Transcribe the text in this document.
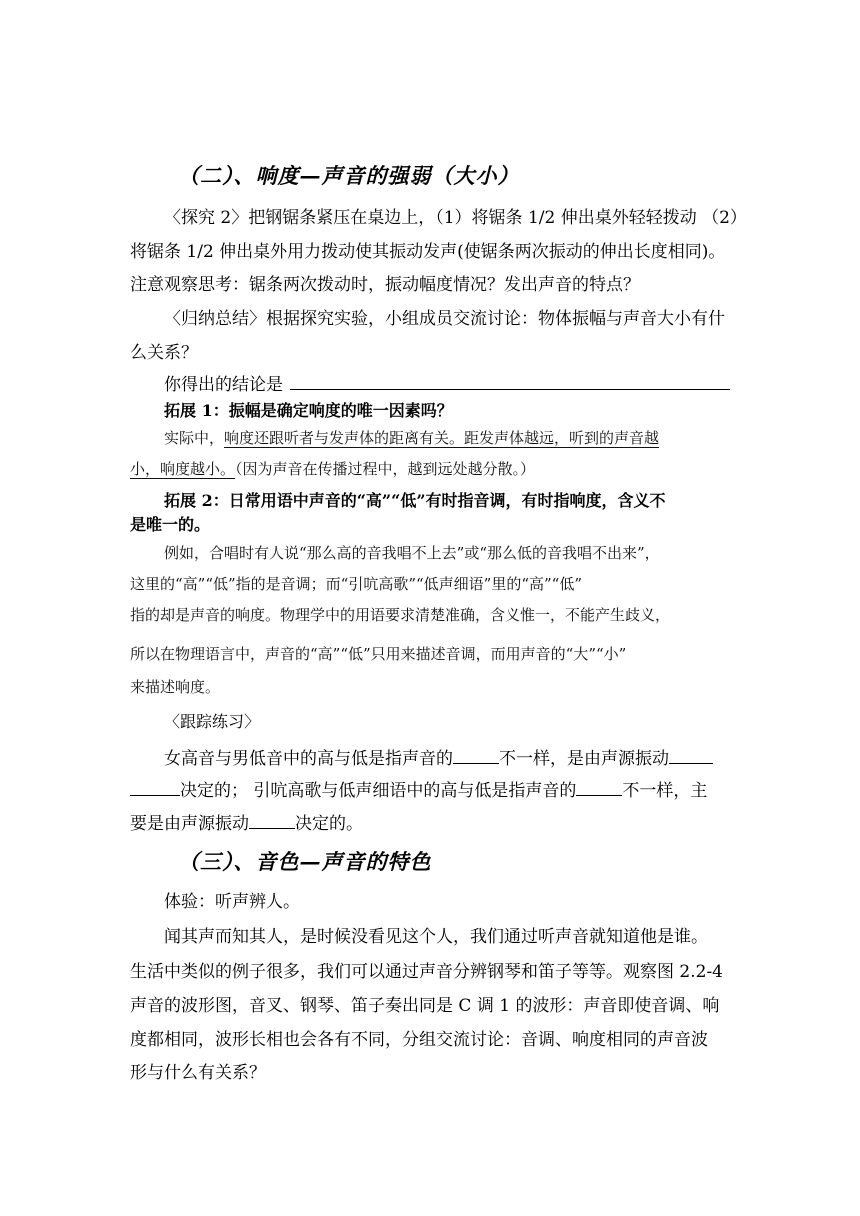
（二）、响度—声音的强弱（大小）
〈探究 2〉把钢锯条紧压在桌边上，（1）将锯条 1/2 伸出桌外轻轻拨动 （2）
将锯条 1/2 伸出桌外用力拨动使其振动发声(使锯条两次振动的伸出长度相同)。
注意观察思考：锯条两次拨动时，振动幅度情况？发出声音的特点？
〈归纳总结〉根据探究实验，小组成员交流讨论：物体振幅与声音大小有什
么关系？
你得出的结论是
拓展 1：振幅是确定响度的唯一因素吗？
实际中，响度还跟听者与发声体的距离有关。距发声体越远，听到的声音越
小，响度越小。（因为声音在传播过程中，越到远处越分散。）
拓展 2：日常用语中声音的“高”“低”有时指音调，有时指响度，含义不
是唯一的。
例如，合唱时有人说“那么高的音我唱不上去”或“那么低的音我唱不出来”，
这里的“高”“低”指的是音调；而“引吭高歌”“低声细语”里的“高”“低”
指的却是声音的响度。物理学中的用语要求清楚准确，含义惟一，不能产生歧义，
所以在物理语言中，声音的“高”“低”只用来描述音调，而用声音的“大”“小”
来描述响度。
〈跟踪练习〉
女高音与男低音中的高与低是指声音的	不一样，是由声源振动
决定的； 引吭高歌与低声细语中的高与低是指声音的	不一样，主
要是由声源振动	决定的。
（三）、音色—声音的特色
体验：听声辨人。
闻其声而知其人，是时候没看见这个人，我们通过听声音就知道他是谁。
生活中类似的例子很多，我们可以通过声音分辨钢琴和笛子等等。观察图 2.2-4
声音的波形图，音叉、钢琴、笛子奏出同是 C 调 1 的波形：声音即使音调、响
度都相同，波形长相也会各有不同，分组交流讨论：音调、响度相同的声音波
形与什么有关系？
